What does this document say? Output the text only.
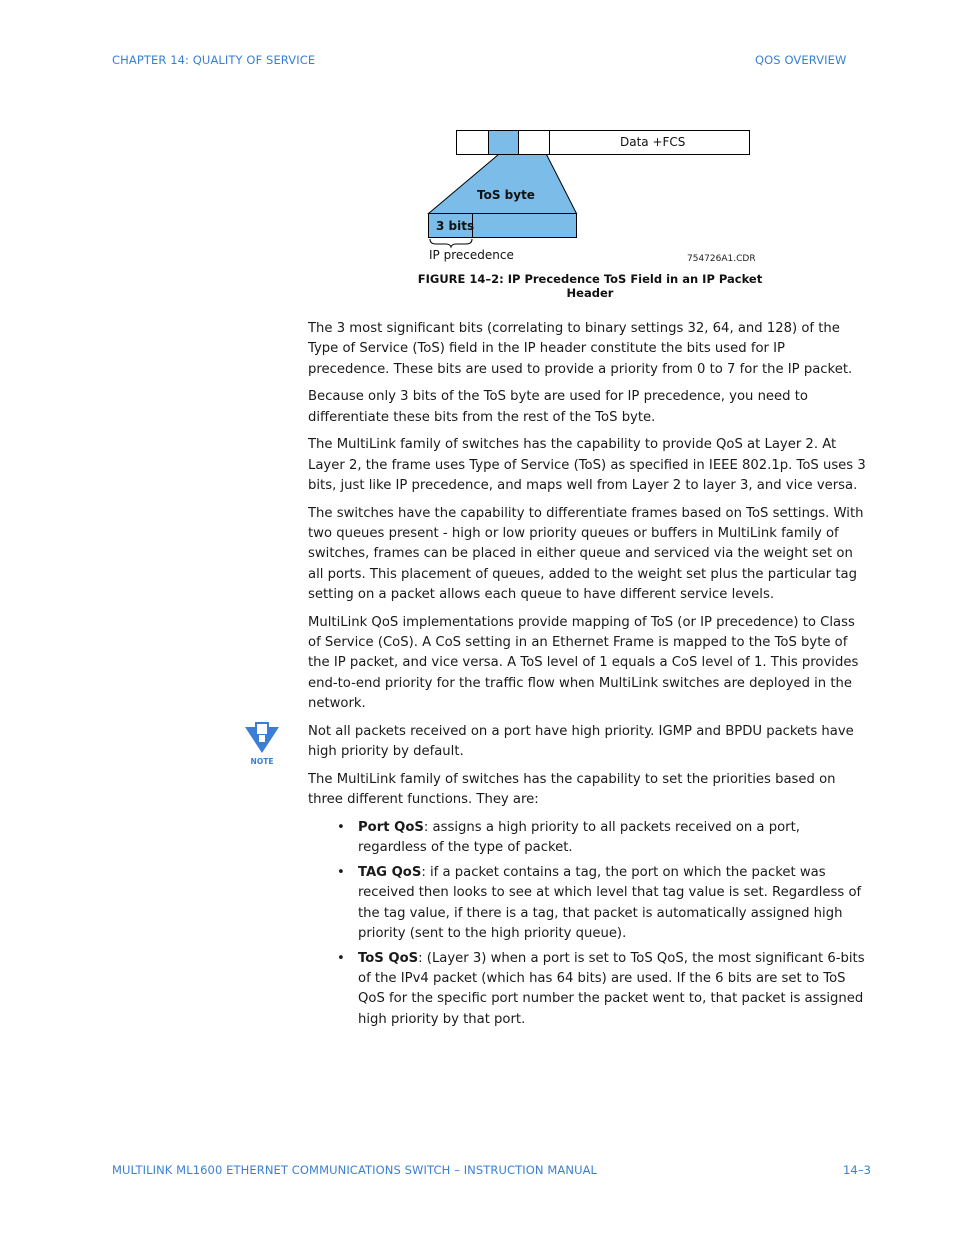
CHAPTER 14: QUALITY OF SERVICE	QOS OVERVIEW
Data +FCS
ToS byte
3 bits
IP precedence	754726A1.CDR
FIGURE 14–2: IP Precedence ToS Field in an IP Packet Header
NOTE

The 3 most significant bits (correlating to binary settings 32, 64, and 128) of the Type of Service (ToS) field in the IP header constitute the bits used for IP precedence. These bits are used to provide a priority from 0 to 7 for the IP packet.

Because only 3 bits of the ToS byte are used for IP precedence, you need to differentiate these bits from the rest of the ToS byte.

The MultiLink family of switches has the capability to provide QoS at Layer 2. At Layer 2, the frame uses Type of Service (ToS) as specified in IEEE 802.1p. ToS uses 3 bits, just like IP precedence, and maps well from Layer 2 to layer 3, and vice versa.

The switches have the capability to differentiate frames based on ToS settings. With two queues present - high or low priority queues or buffers in MultiLink family of switches, frames can be placed in either queue and serviced via the weight set on all ports. This placement of queues, added to the weight set plus the particular tag setting on a packet allows each queue to have different service levels.

MultiLink QoS implementations provide mapping of ToS (or IP precedence) to Class of Service (CoS). A CoS setting in an Ethernet Frame is mapped to the ToS byte of the IP packet, and vice versa. A ToS level of 1 equals a CoS level of 1. This provides end-to-end priority for the traffic flow when MultiLink switches are deployed in the network.

Not all packets received on a port have high priority. IGMP and BPDU packets have high priority by default.

The MultiLink family of switches has the capability to set the priorities based on three different functions. They are:

• Port QoS: assigns a high priority to all packets received on a port, regardless of the type of packet.
• TAG QoS: if a packet contains a tag, the port on which the packet was received then looks to see at which level that tag value is set. Regardless of the tag value, if there is a tag, that packet is automatically assigned high priority (sent to the high priority queue).
• ToS QoS: (Layer 3) when a port is set to ToS QoS, the most significant 6-bits of the IPv4 packet (which has 64 bits) are used. If the 6 bits are set to ToS QoS for the specific port number the packet went to, that packet is assigned high priority by that port.
MULTILINK ML1600 ETHERNET COMMUNICATIONS SWITCH – INSTRUCTION MANUAL	14–3
